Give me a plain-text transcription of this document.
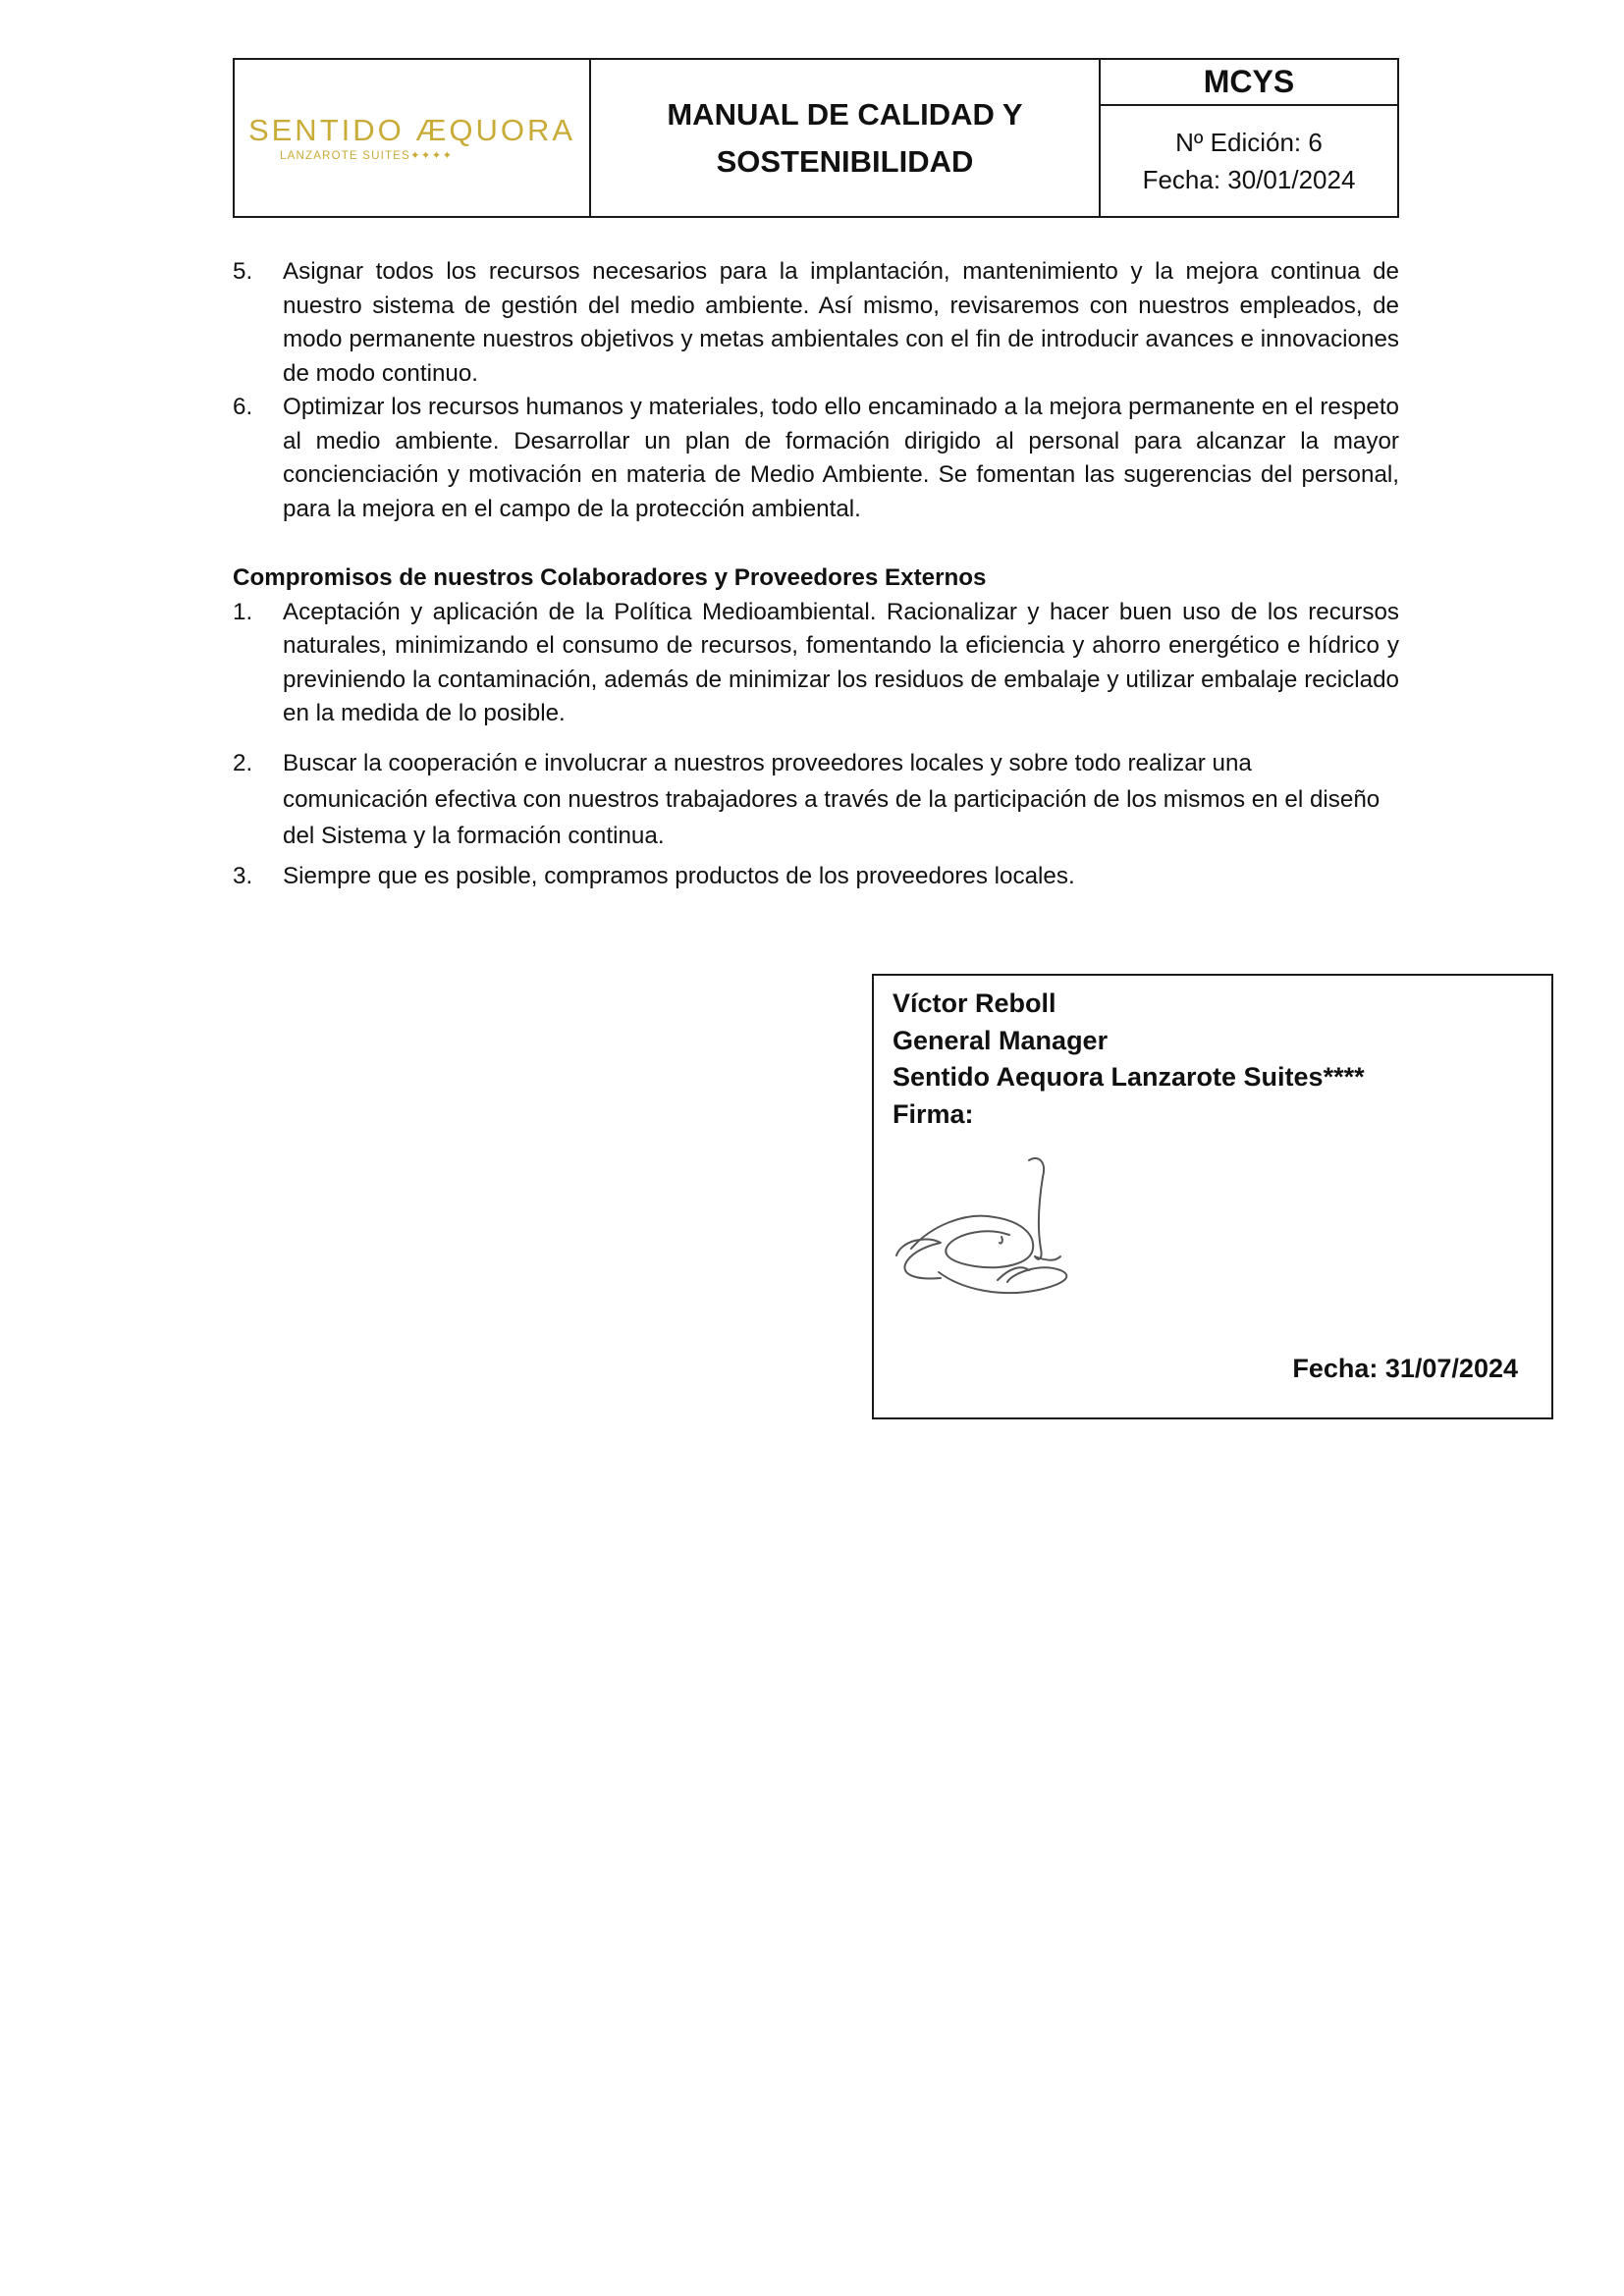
SENTIDO ÆQUORA
LANZAROTE SUITES✦✦✦✦
MANUAL DE CALIDAD Y
SOSTENIBILIDAD
MCYS
Nº Edición: 6
Fecha: 30/01/2024
5.	Asignar todos los recursos necesarios para la implantación, mantenimiento y la mejora continua de nuestro sistema de gestión del medio ambiente. Así mismo, revisaremos con nuestros empleados, de modo permanente nuestros objetivos y metas ambientales con el fin de introducir avances e innovaciones de modo continuo.
6.	Optimizar los recursos humanos y materiales, todo ello encaminado a la mejora permanente en el respeto al medio ambiente. Desarrollar un plan de formación dirigido al personal para alcanzar la mayor concienciación y motivación en materia de Medio Ambiente. Se fomentan las sugerencias del personal, para la mejora en el campo de la protección ambiental.
Compromisos de nuestros Colaboradores y Proveedores Externos
1.	Aceptación y aplicación de la Política Medioambiental. Racionalizar y hacer buen uso de los recursos naturales, minimizando el consumo de recursos, fomentando la eficiencia y ahorro energético e hídrico y previniendo la contaminación, además de minimizar los residuos de embalaje y utilizar embalaje reciclado en la medida de lo posible.
2.	Buscar la cooperación e involucrar a nuestros proveedores locales y sobre todo realizar una comunicación efectiva con nuestros trabajadores a través de la participación de los mismos en el diseño del Sistema y la formación continua.
3.	Siempre que es posible, compramos productos de los proveedores locales.
Víctor Reboll
General Manager
Sentido Aequora Lanzarote Suites****
Firma:
Fecha: 31/07/2024
